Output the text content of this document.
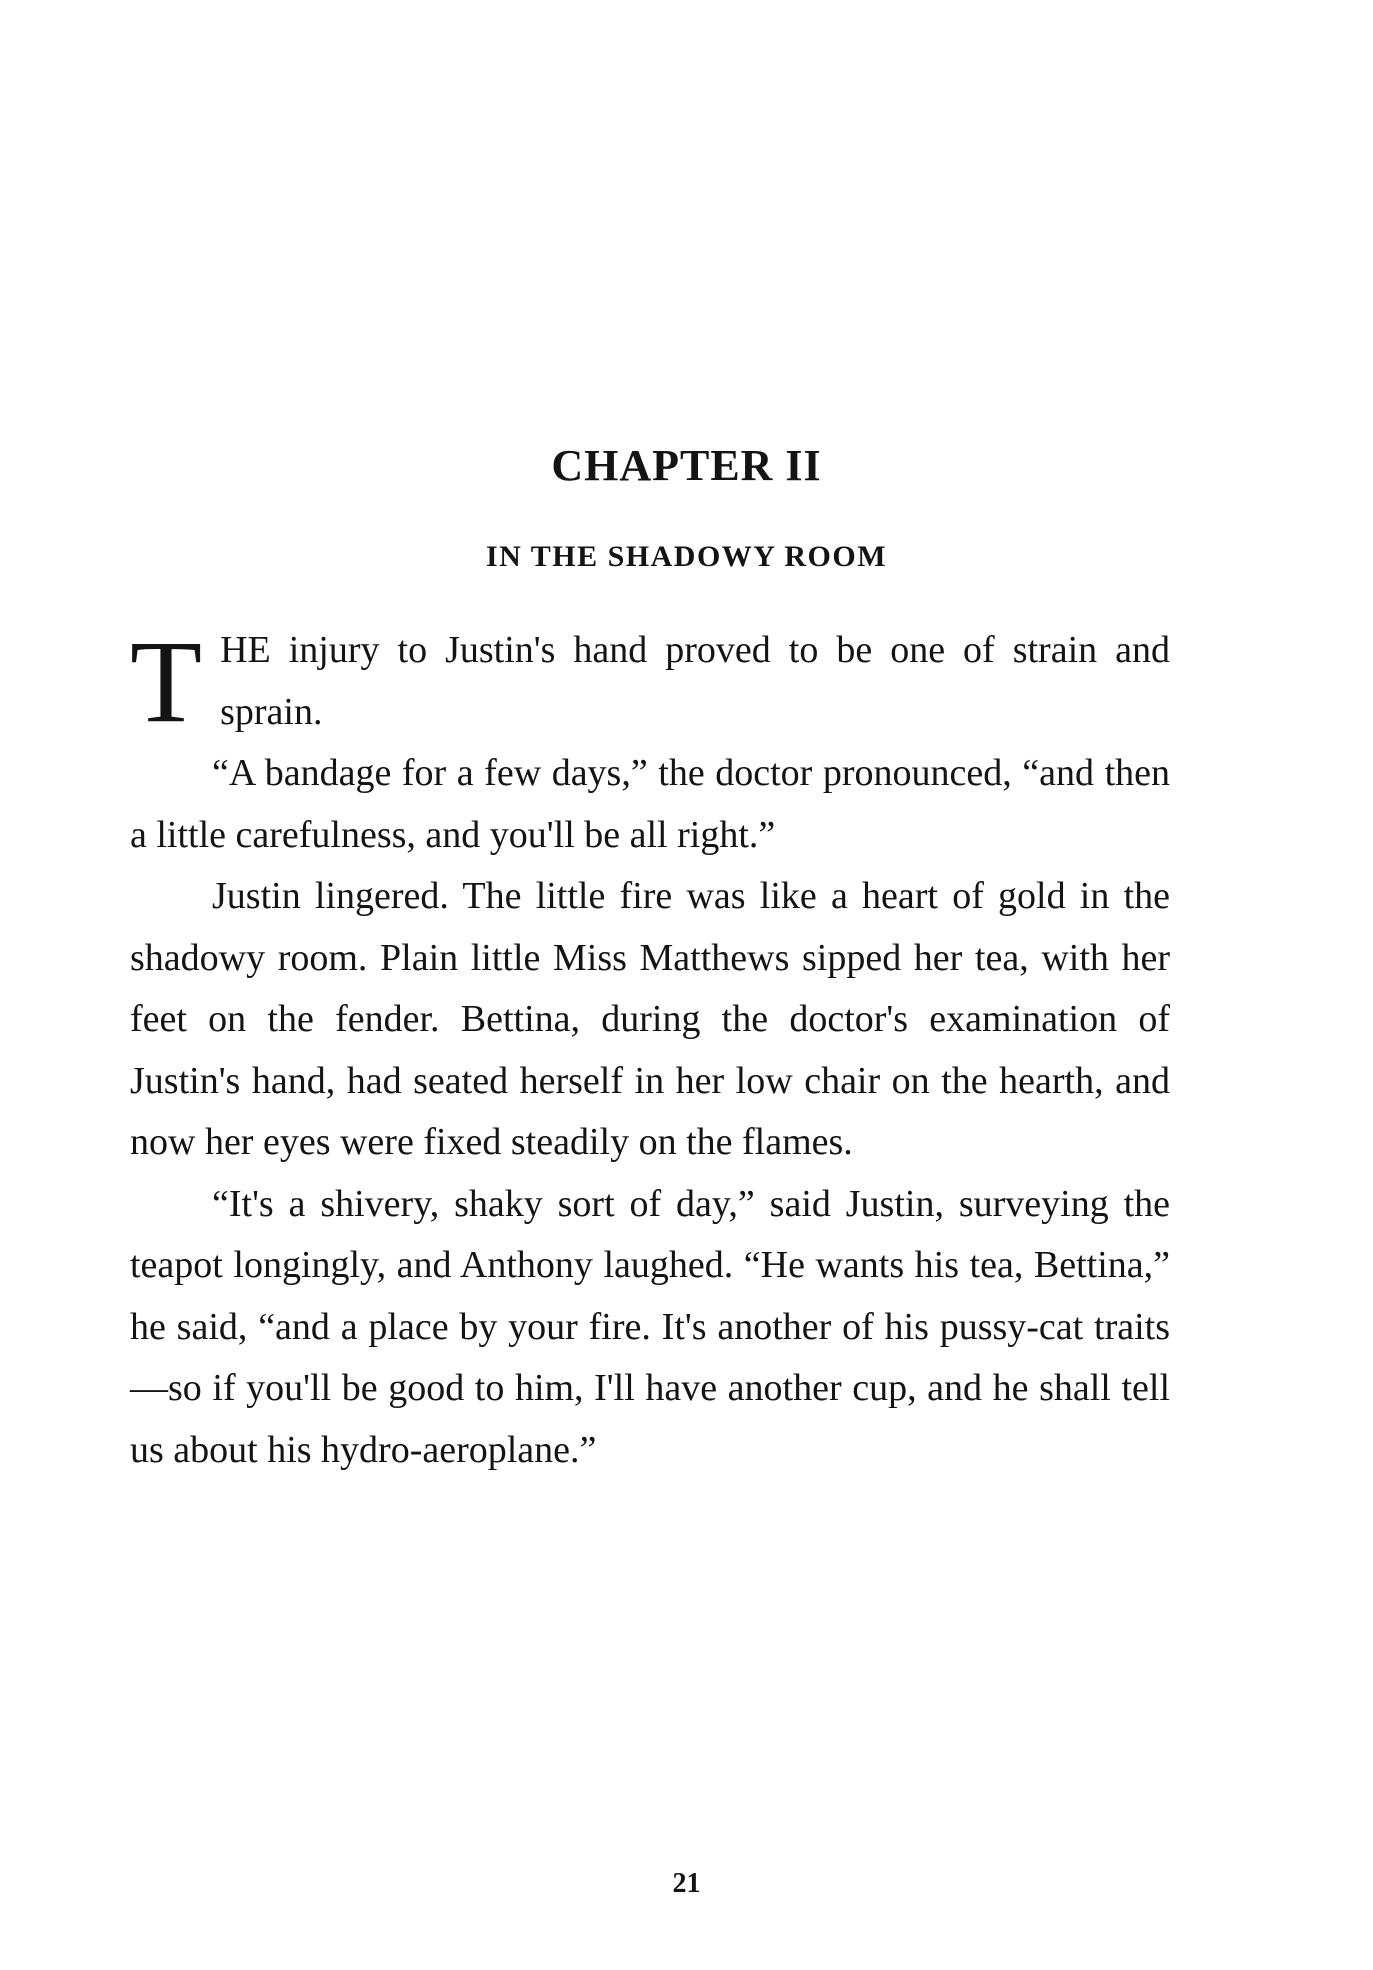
CHAPTER II
IN THE SHADOWY ROOM

THE injury to Justin's hand proved to be one of strain and sprain.

“A bandage for a few days,” the doctor pronounced, “and then a little carefulness, and you'll be all right.”

Justin lingered. The little fire was like a heart of gold in the shadowy room. Plain little Miss Matthews sipped her tea, with her feet on the fender. Bettina, during the doctor's examination of Justin's hand, had seated herself in her low chair on the hearth, and now her eyes were fixed steadily on the flames.

“It's a shivery, shaky sort of day,” said Justin, surveying the teapot longingly, and Anthony laughed. “He wants his tea, Bettina,” he said, “and a place by your fire. It's another of his pussy-cat traits—so if you'll be good to him, I'll have another cup, and he shall tell us about his hydro-aeroplane.”

21
